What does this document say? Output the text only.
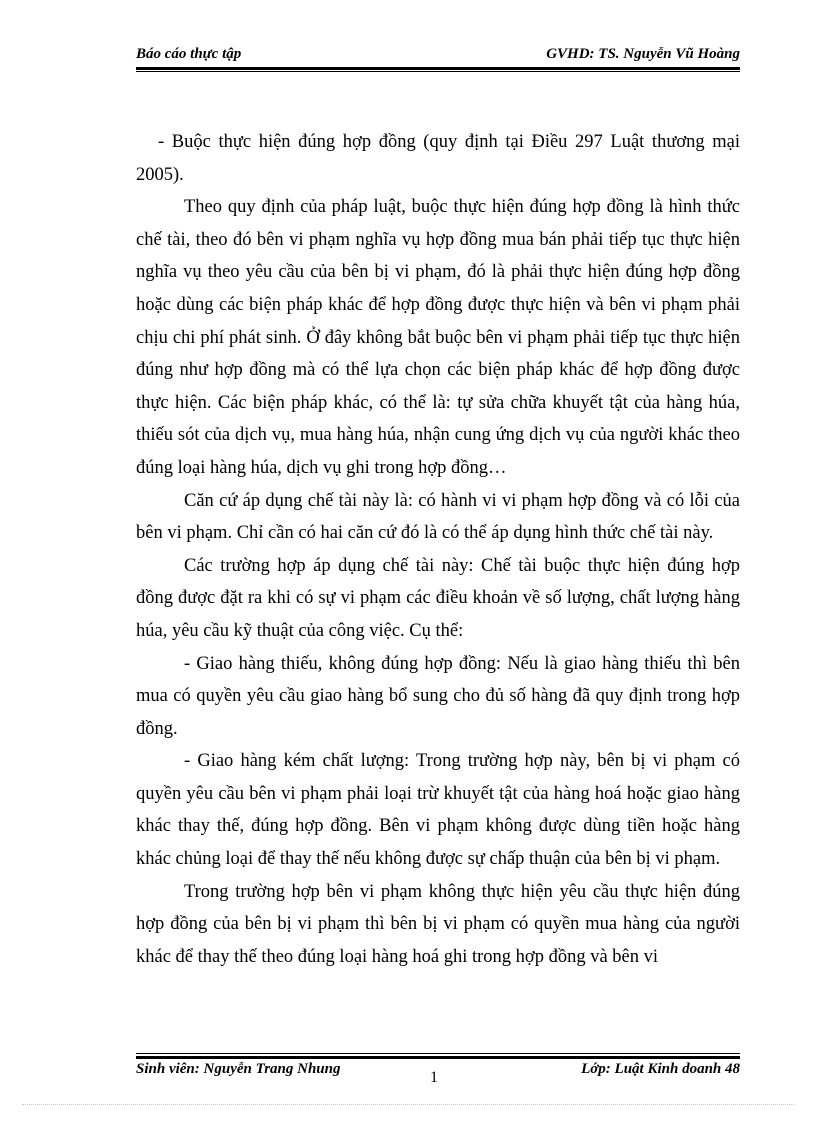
Báo cáo thực tập	GVHD: TS. Nguyễn Vũ Hoàng

- Buộc thực hiện đúng hợp đồng (quy định tại Điều 297 Luật thương mại 2005).

Theo quy định của pháp luật, buộc thực hiện đúng hợp đồng là hình thức chế tài, theo đó bên vi phạm nghĩa vụ hợp đồng mua bán phải tiếp tục thực hiện nghĩa vụ theo yêu cầu của bên bị vi phạm, đó là phải thực hiện đúng hợp đồng hoặc dùng các biện pháp khác để hợp đồng được thực hiện và bên vi phạm phải chịu chi phí phát sinh. Ở đây không bắt buộc bên vi phạm phải tiếp tục thực hiện đúng như hợp đồng mà có thể lựa chọn các biện pháp khác để hợp đồng được thực hiện. Các biện pháp khác, có thể là: tự sửa chữa khuyết tật của hàng húa, thiếu sót của dịch vụ, mua hàng húa, nhận cung ứng dịch vụ của người khác theo đúng loại hàng húa, dịch vụ ghi trong hợp đồng…

Căn cứ áp dụng chế tài này là: có hành vi vi phạm hợp đồng và có lỗi của bên vi phạm. Chỉ cần có hai căn cứ đó là có thể áp dụng hình thức chế tài này.

Các trường hợp áp dụng chế tài này: Chế tài buộc thực hiện đúng hợp đồng được đặt ra khi có sự vi phạm các điều khoản về số lượng, chất lượng hàng húa, yêu cầu kỹ thuật của công việc. Cụ thể:

- Giao hàng thiếu, không đúng hợp đồng: Nếu là giao hàng thiếu thì bên mua có quyền yêu cầu giao hàng bổ sung cho đủ số hàng đã quy định trong hợp đồng.

- Giao hàng kém chất lượng: Trong trường hợp này, bên bị vi phạm có quyền yêu cầu bên vi phạm phải loại trừ khuyết tật của hàng hoá hoặc giao hàng khác thay thế, đúng hợp đồng. Bên vi phạm không được dùng tiền hoặc hàng khác chủng loại để thay thế nếu không được sự chấp thuận của bên bị vi phạm.

Trong trường hợp bên vi phạm không thực hiện yêu cầu thực hiện đúng hợp đồng của bên bị vi phạm thì bên bị vi phạm có quyền mua hàng của người khác để thay thế theo đúng loại hàng hoá ghi trong hợp đồng và bên vi

Sinh viên: Nguyễn Trang Nhung	1	Lớp: Luật Kinh doanh 48
